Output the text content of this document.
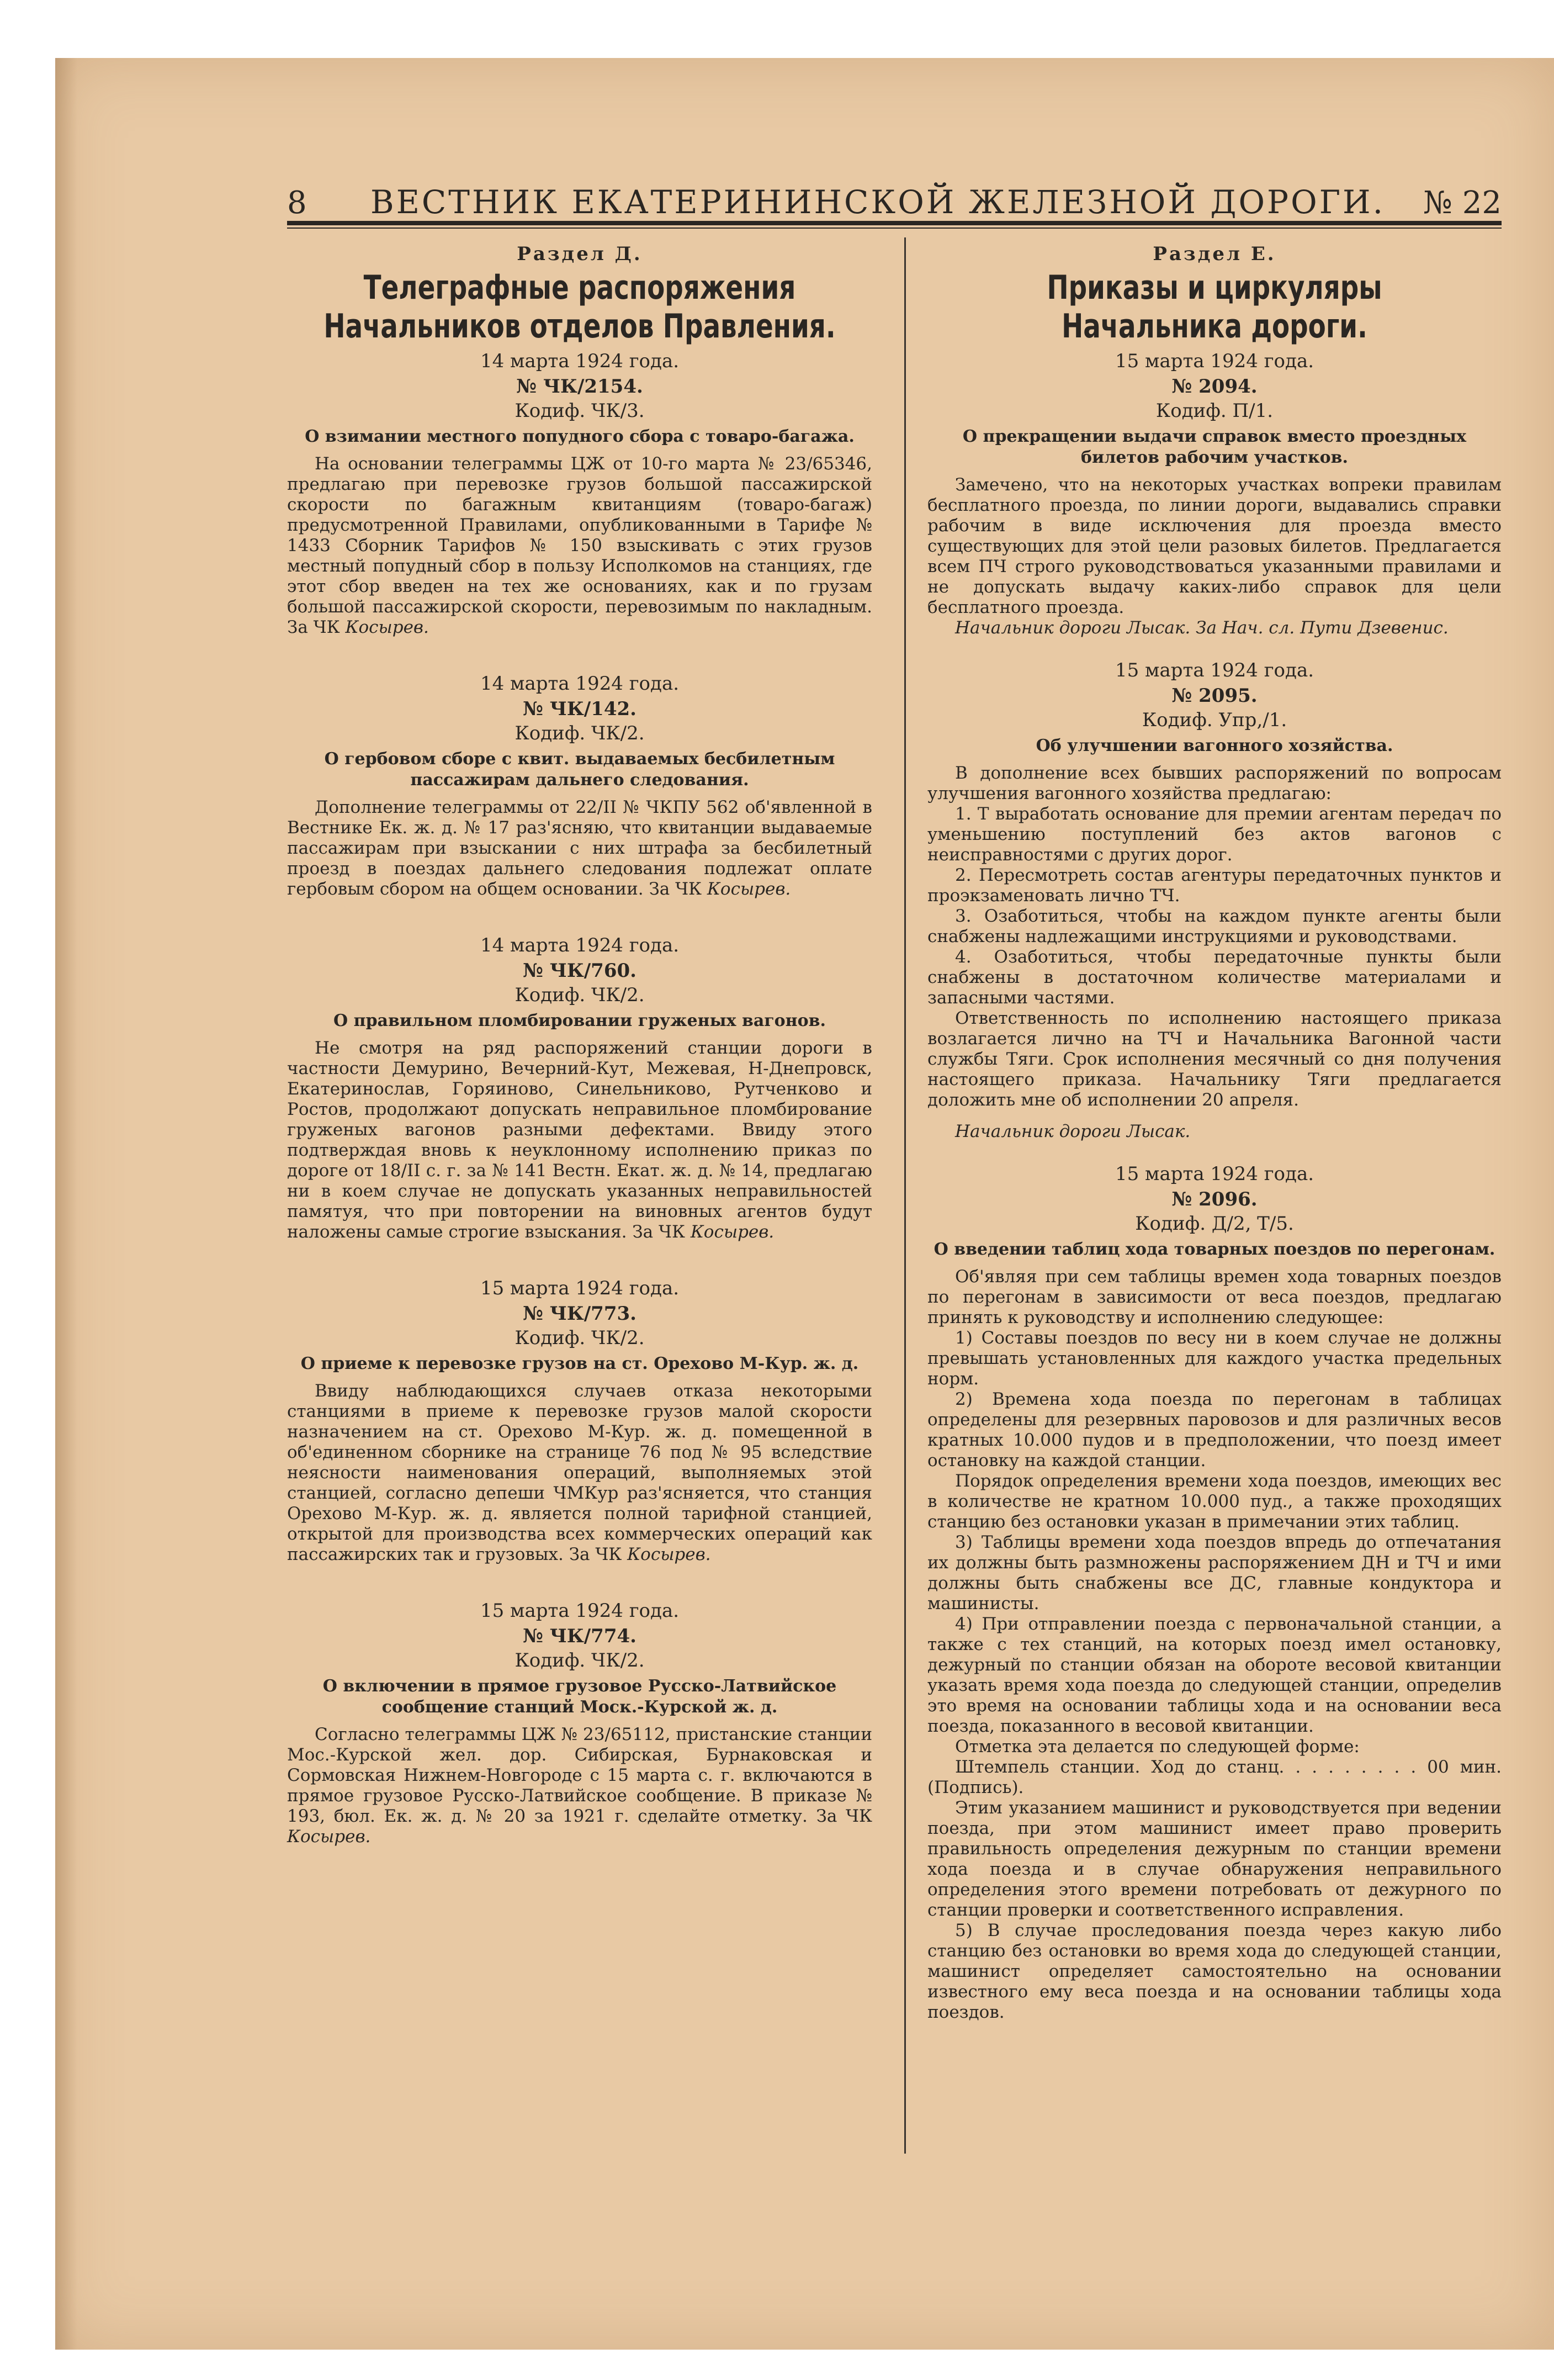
8	ВЕСТНИК ЕКАТЕРИНИНСКОЙ ЖЕЛЕЗНОЙ ДОРОГИ.	№ 22
Раздел Д.
Телеграфные распоряжения Начальников отделов Правления.
14 марта 1924 года.
№ ЧК/2154.
Кодиф. ЧК/3.
О взимании местного попудного сбора с товаро-багажа.
На основании телеграммы ЦЖ от 10-го марта № 23/65346, предлагаю при перевозке грузов большой пассажирской скорости по багажным квитанциям (товаро-багаж) предусмотренной Правилами, опубликованными в Тарифе № 1433 Сборник Тарифов № 150 взыскивать с этих грузов местный попудный сбор в пользу Исполкомов на станциях, где этот сбор введен на тех же основаниях, как и по грузам большой пассажирской скорости, перевозимым по накладным. За ЧК Косырев.
14 марта 1924 года.
№ ЧК/142.
Кодиф. ЧК/2.
О гербовом сборе с квит. выдаваемых бесбилетным пассажирам дальнего следования.
Дополнение телеграммы от 22/II № ЧКПУ 562 об'явленной в Вестнике Ек. ж. д. № 17 раз'ясняю, что квитанции выдаваемые пассажирам при взыскании с них штрафа за бесбилетный проезд в поездах дальнего следования подлежат оплате гербовым сбором на общем основании. За ЧК Косырев.
14 марта 1924 года.
№ ЧК/760.
Кодиф. ЧК/2.
О правильном пломбировании груженых вагонов.
Не смотря на ряд распоряжений станции дороги в частности Демурино, Вечерний-Кут, Межевая, Н-Днепровск, Екатеринослав, Горяиново, Синельниково, Рутченково и Ростов, продолжают допускать неправильное пломбирование груженых вагонов разными дефектами. Ввиду этого подтверждая вновь к неуклонному исполнению приказ по дороге от 18/II с. г. за № 141 Вестн. Екат. ж. д. № 14, предлагаю ни в коем случае не допускать указанных неправильностей памятуя, что при повторении на виновных агентов будут наложены самые строгие взыскания. За ЧК Косырев.
15 марта 1924 года.
№ ЧК/773.
Кодиф. ЧК/2.
О приеме к перевозке грузов на ст. Орехово М-Кур. ж. д.
Ввиду наблюдающихся случаев отказа некоторыми станциями в приеме к перевозке грузов малой скорости назначением на ст. Орехово М-Кур. ж. д. помещенной в об'единенном сборнике на странице 76 под № 95 вследствие неясности наименования операций, выполняемых этой станцией, согласно депеши ЧМКур раз'ясняется, что станция Орехово М-Кур. ж. д. является полной тарифной станцией, открытой для производства всех коммерческих операций как пассажирских так и грузовых. За ЧК Косырев.
15 марта 1924 года.
№ ЧК/774.
Кодиф. ЧК/2.
О включении в прямое грузовое Русско-Латвийское сообщение станций Моск.-Курской ж. д.
Согласно телеграммы ЦЖ № 23/65112, пристанские станции Мос.-Курской жел. дор. Сибирская, Бурнаковская и Сормовская Нижнем-Новгороде с 15 марта с. г. включаются в прямое грузовое Русско-Латвийское сообщение. В приказе № 193, бюл. Ек. ж. д. № 20 за 1921 г. сделайте отметку. За ЧК Косырев.
Раздел Е.
Приказы и циркуляры Начальника дороги.
15 марта 1924 года.
№ 2094.
Кодиф. П/1.
О прекращении выдачи справок вместо проездных билетов рабочим участков.

Замечено, что на некоторых участках вопреки правилам бесплатного проезда, по линии дороги, выдавались справки рабочим в виде исключения для проезда вместо существующих для этой цели разовых билетов. Предлагается всем ПЧ строго руководствоваться указанными правилами и не допускать выдачу каких-либо справок для цели бесплатного проезда.

Начальник дороги Лысак. За Нач. сл. Пути Дзевенис.

15 марта 1924 года.
№ 2095.
Кодиф. Упр,/1.
Об улучшении вагонного хозяйства.

В дополнение всех бывших распоряжений по вопросам улучшения вагонного хозяйства предлагаю:

1. Т выработать основание для премии агентам передач по уменьшению поступлений без актов вагонов с неисправностями с других дорог.

2. Пересмотреть состав агентуры передаточных пунктов и проэкзаменовать лично ТЧ.

3. Озаботиться, чтобы на каждом пункте агенты были снабжены надлежащими инструкциями и руководствами.

4. Озаботиться, чтобы передаточные пункты были снабжены в достаточном количестве материалами и запасными частями.

Ответственность по исполнению настоящего приказа возлагается лично на ТЧ и Начальника Вагонной части службы Тяги. Срок исполнения месячный со дня получения настоящего приказа. Начальнику Тяги предлагается доложить мне об исполнении 20 апреля.

Начальник дороги Лысак.

15 марта 1924 года.
№ 2096.
Кодиф. Д/2, Т/5.
О введении таблиц хода товарных поездов по перегонам.

Об'являя при сем таблицы времен хода товарных поездов по перегонам в зависимости от веса поездов, предлагаю принять к руководству и исполнению следующее:

1) Составы поездов по весу ни в коем случае не должны превышать установленных для каждого участка предельных норм.

2) Времена хода поезда по перегонам в таблицах определены для резервных паровозов и для различных весов кратных 10.000 пудов и в предположении, что поезд имеет остановку на каждой станции.

Порядок определения времени хода поездов, имеющих вес в количестве не кратном 10.000 пуд., а также проходящих станцию без остановки указан в примечании этих таблиц.

3) Таблицы времени хода поездов впредь до отпечатания их должны быть размножены распоряжением ДН и ТЧ и ими должны быть снабжены все ДС, главные кондуктора и машинисты.

4) При отправлении поезда с первоначальной станции, а также с тех станций, на которых поезд имел остановку, дежурный по станции обязан на обороте весовой квитанции указать время хода поезда до следующей станции, определив это время на основании таблицы хода и на основании веса поезда, показанного в весовой квитанции.

Отметка эта делается по следующей форме:

Штемпель станции. Ход до станц. . . . . . . . . 00 мин. (Подпись).

Этим указанием машинист и руководствуется при ведении поезда, при этом машинист имеет право проверить правильность определения дежурным по станции времени хода поезда и в случае обнаружения неправильного определения этого времени потребовать от дежурного по станции проверки и соответственного исправления.

5) В случае проследования поезда через какую либо станцию без остановки во время хода до следующей станции, машинист определяет самостоятельно на основании известного ему веса поезда и на основании таблицы хода поездов.
